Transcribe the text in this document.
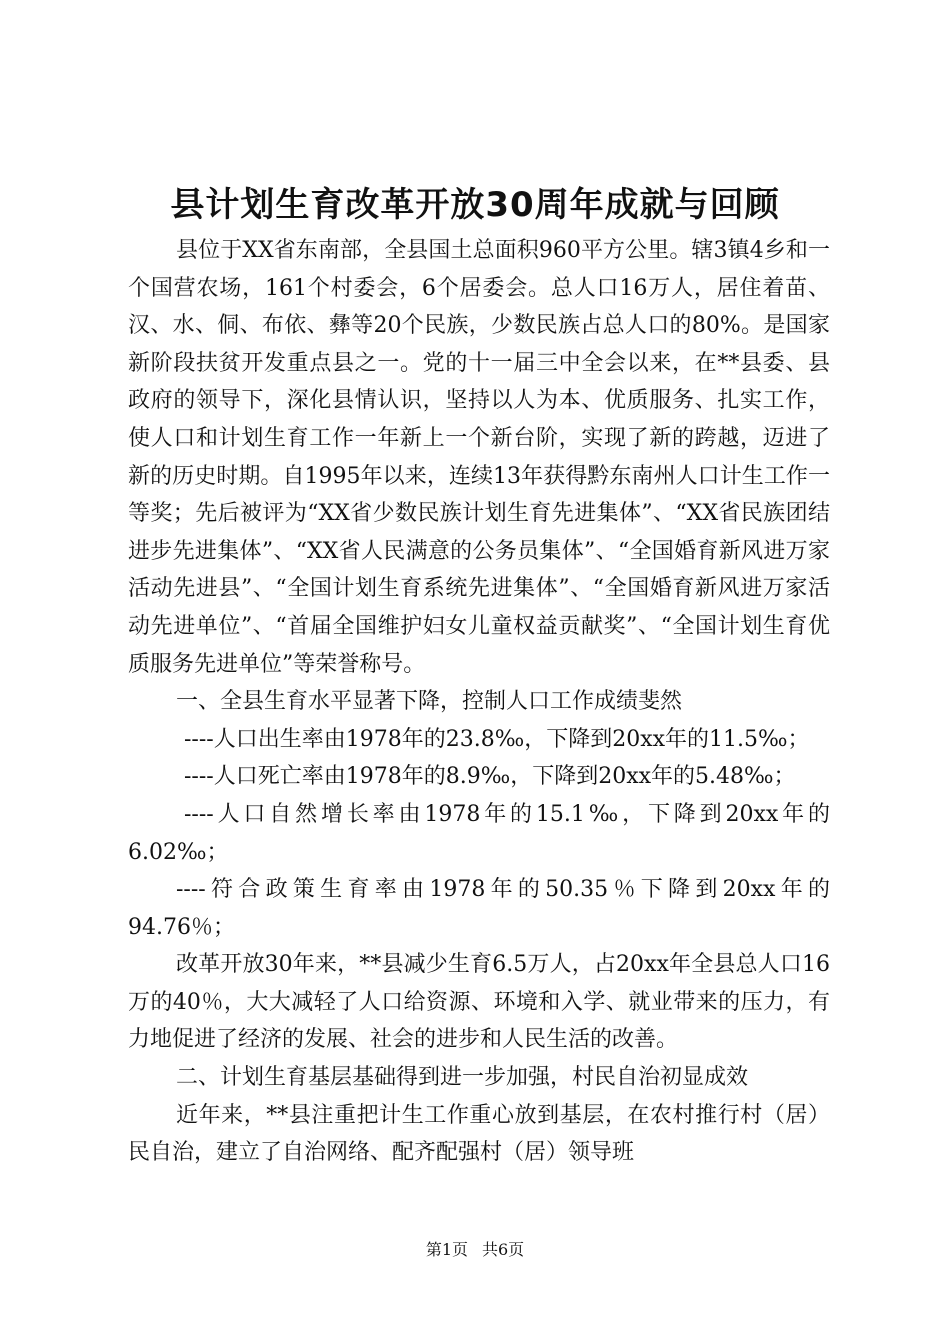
县计划生育改革开放30周年成就与回顾

县位于XX省东南部，全县国土总面积960平方公里。辖3镇4乡和一个国营农场，161个村委会，6个居委会。总人口16万人，居住着苗、汉、水、侗、布依、彝等20个民族，少数民族占总人口的80%。是国家新阶段扶贫开发重点县之一。党的十一届三中全会以来，在**县委、县政府的领导下，深化县情认识，坚持以人为本、优质服务、扎实工作，使人口和计划生育工作一年新上一个新台阶，实现了新的跨越，迈进了新的历史时期。自1995年以来，连续13年获得黔东南州人口计生工作一等奖；先后被评为“XX省少数民族计划生育先进集体”、“XX省民族团结进步先进集体”、“XX省人民满意的公务员集体”、“全国婚育新风进万家活动先进县”、“全国计划生育系统先进集体”、“全国婚育新风进万家活动先进单位”、“首届全国维护妇女儿童权益贡献奖”、“全国计划生育优质服务先进单位”等荣誉称号。

一、全县生育水平显著下降，控制人口工作成绩斐然

----人口出生率由1978年的23.8‰，下降到20xx年的11.5‰；

----人口死亡率由1978年的8.9‰，下降到20xx年的5.48‰；

----人口自然增长率由1978年的15.1‰，下降到20xx年的6.02‰；

----符合政策生育率由1978年的50.35％下降到20xx年的94.76％；

改革开放30年来，**县减少生育6.5万人，占20xx年全县总人口16万的40％，大大减轻了人口给资源、环境和入学、就业带来的压力，有力地促进了经济的发展、社会的进步和人民生活的改善。

二、计划生育基层基础得到进一步加强，村民自治初显成效

近年来，**县注重把计生工作重心放到基层，在农村推行村（居）民自治，建立了自治网络、配齐配强村（居）领导班

第1页 共6页
